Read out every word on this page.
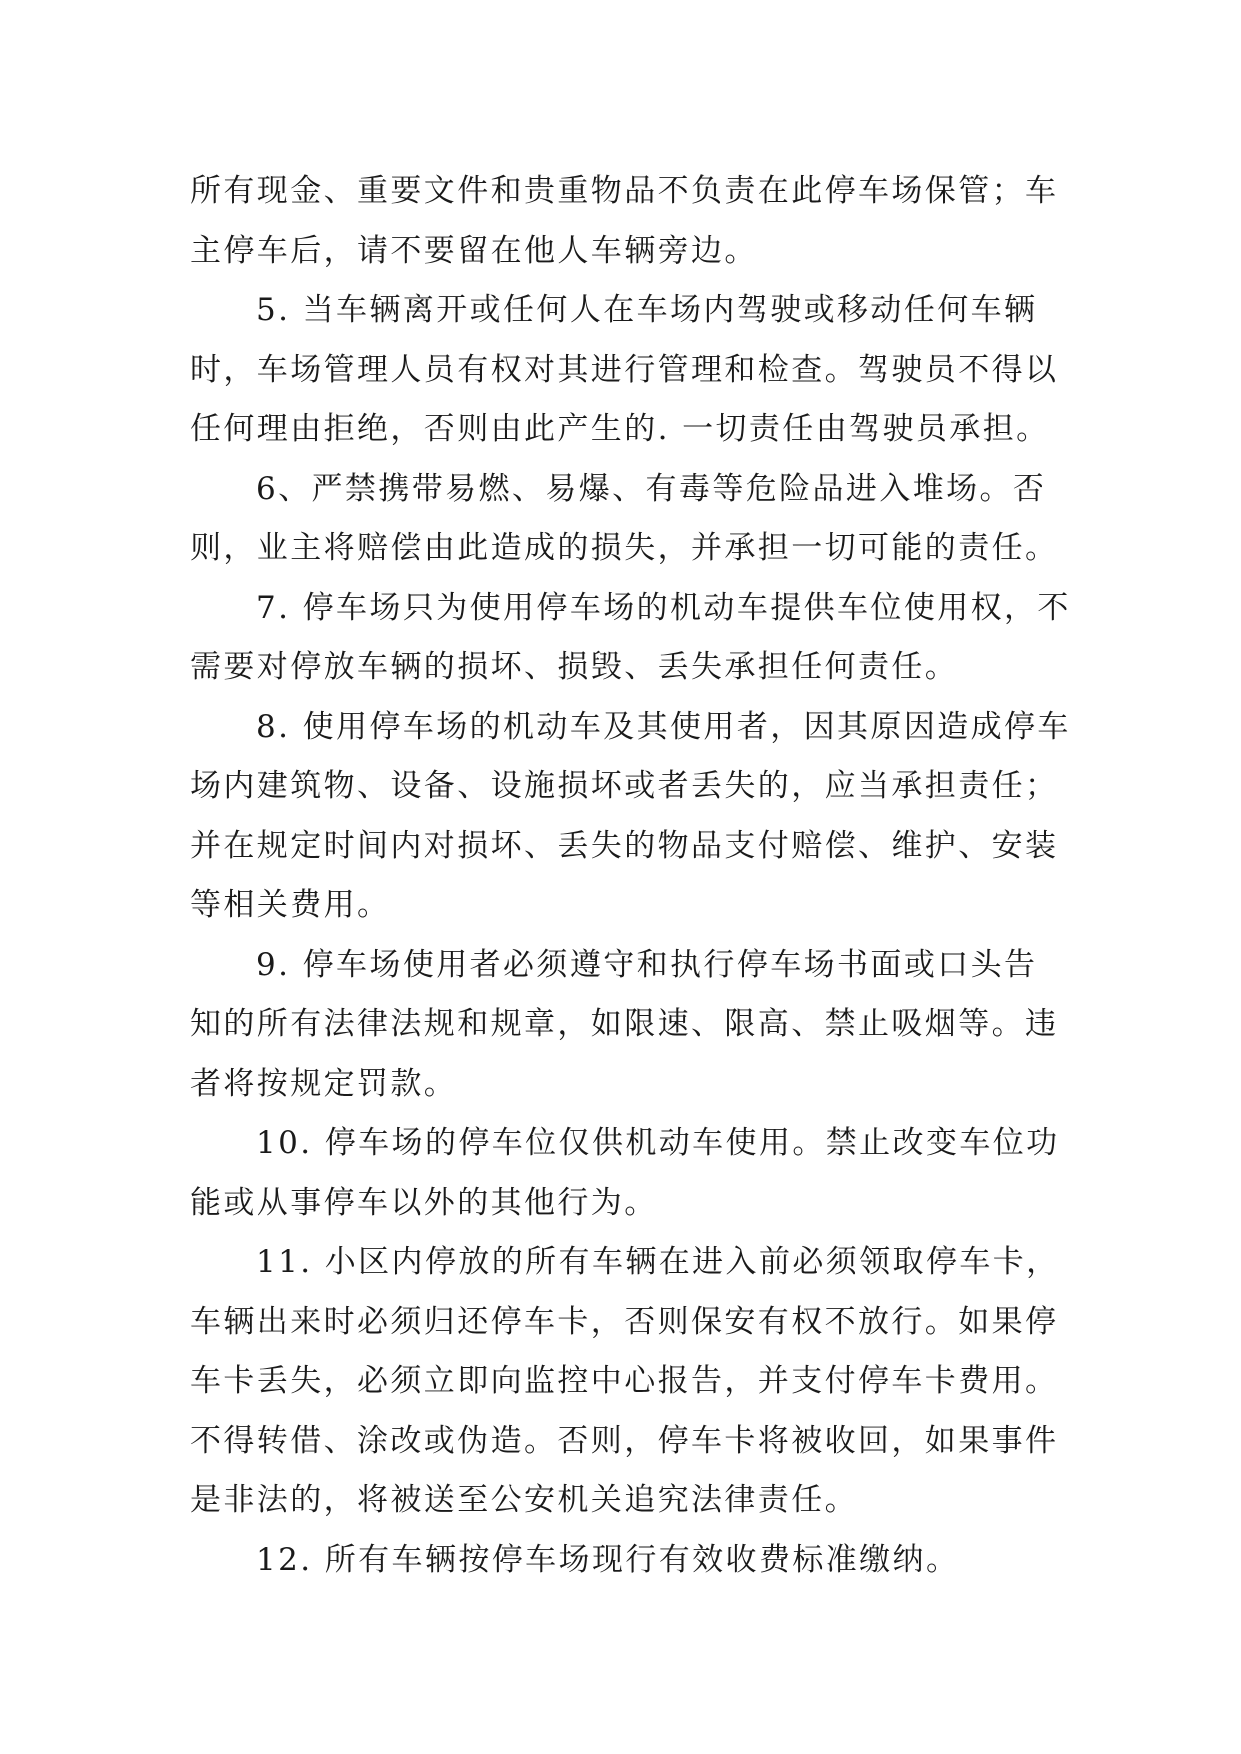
所有现金、重要文件和贵重物品不负责在此停车场保管；车
主停车后，请不要留在他人车辆旁边。
5. 当车辆离开或任何人在车场内驾驶或移动任何车辆
时，车场管理人员有权对其进行管理和检查。驾驶员不得以
任何理由拒绝，否则由此产生的. 一切责任由驾驶员承担。
6、严禁携带易燃、易爆、有毒等危险品进入堆场。否
则，业主将赔偿由此造成的损失，并承担一切可能的责任。
7. 停车场只为使用停车场的机动车提供车位使用权，不
需要对停放车辆的损坏、损毁、丢失承担任何责任。
8. 使用停车场的机动车及其使用者，因其原因造成停车
场内建筑物、设备、设施损坏或者丢失的，应当承担责任；
并在规定时间内对损坏、丢失的物品支付赔偿、维护、安装
等相关费用。
9. 停车场使用者必须遵守和执行停车场书面或口头告
知的所有法律法规和规章，如限速、限高、禁止吸烟等。违
者将按规定罚款。
10. 停车场的停车位仅供机动车使用。禁止改变车位功
能或从事停车以外的其他行为。
11. 小区内停放的所有车辆在进入前必须领取停车卡，
车辆出来时必须归还停车卡，否则保安有权不放行。如果停
车卡丢失，必须立即向监控中心报告，并支付停车卡费用。
不得转借、涂改或伪造。否则，停车卡将被收回，如果事件
是非法的，将被送至公安机关追究法律责任。
12. 所有车辆按停车场现行有效收费标准缴纳。
